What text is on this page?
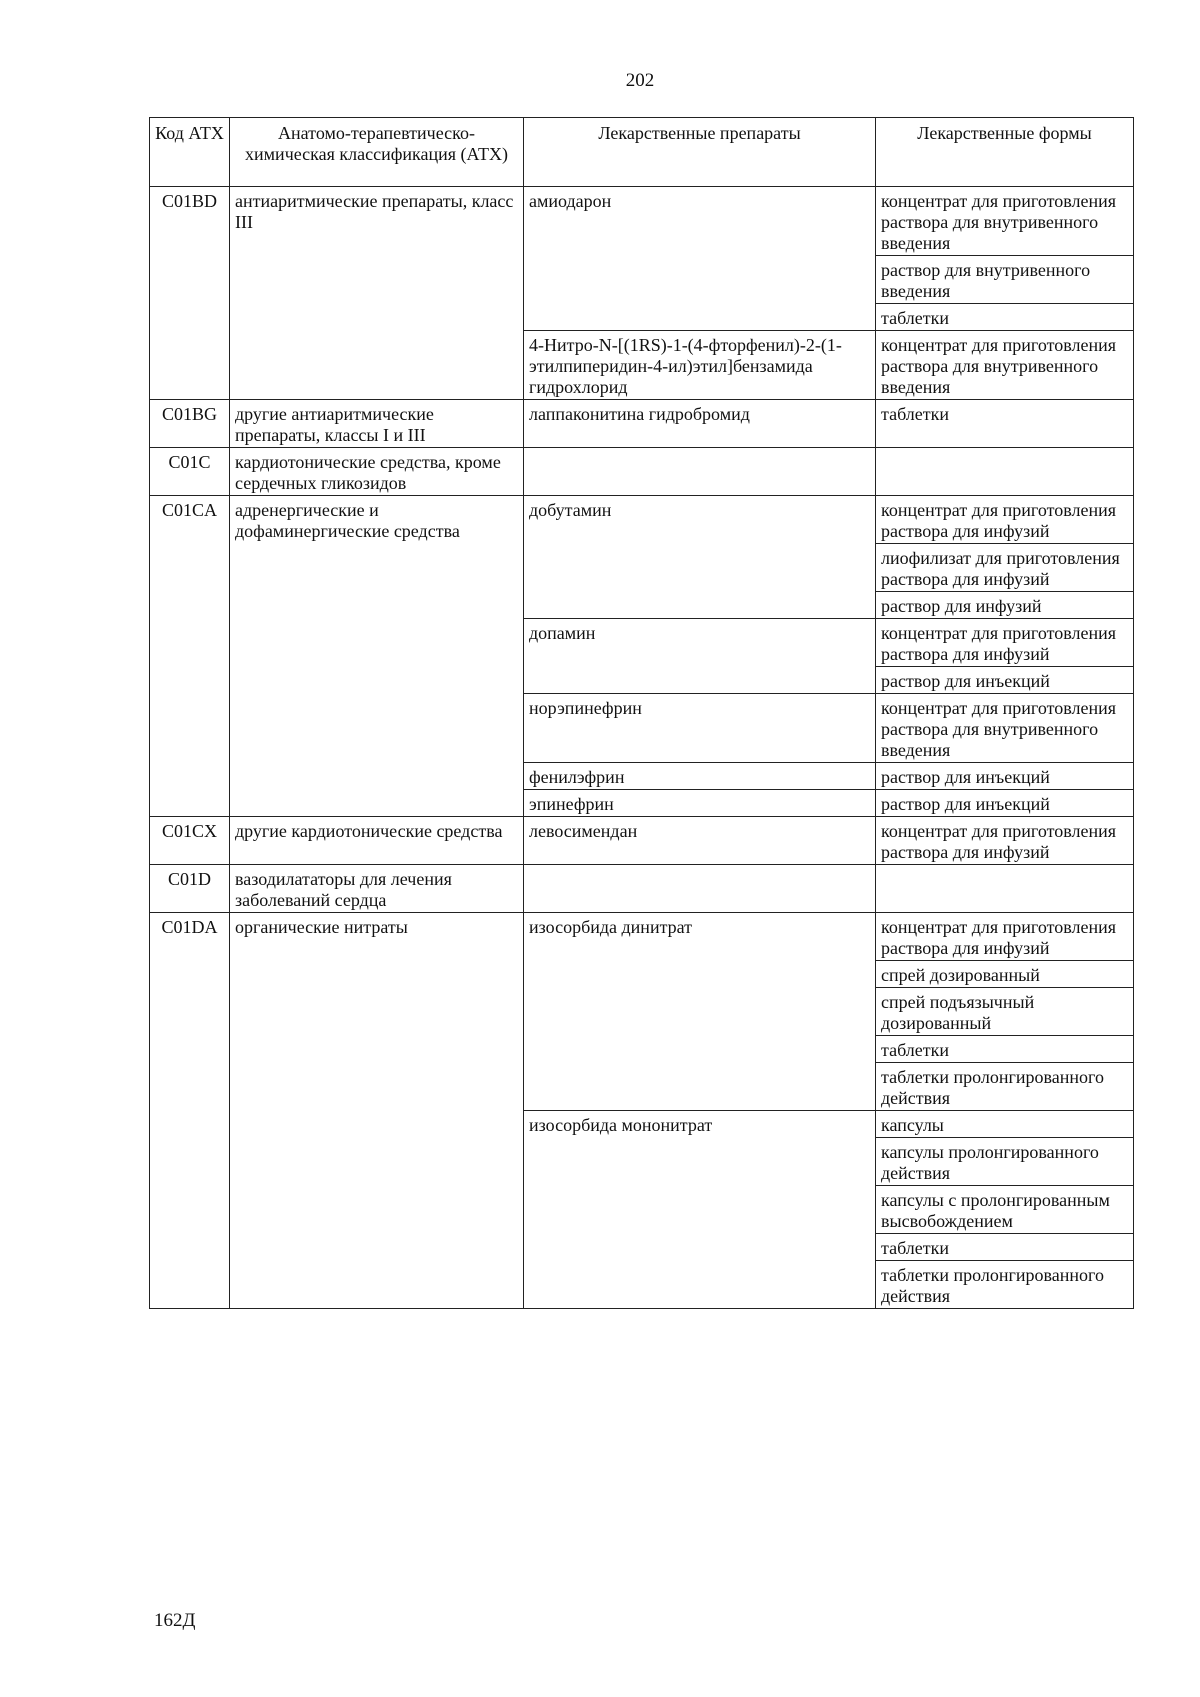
202
Код АТХ	Анатомо-терапевтическо-химическая классификация (АТХ)	Лекарственные препараты	Лекарственные формы
C01BD	антиаритмические препараты, класс III	амиодарон	концентрат для приготовления раствора для внутривенного введения
			раствор для внутривенного введения
			таблетки
		4-Нитро-N-[(1RS)-1-(4-фторфенил)-2-(1-этилпиперидин-4-ил)этил]бензамида гидрохлорид	концентрат для приготовления раствора для внутривенного введения
C01BG	другие антиаритмические препараты, классы I и III	лаппаконитина гидробромид	таблетки
C01C	кардиотонические средства, кроме сердечных гликозидов		
C01CA	адренергические и дофаминергические средства	добутамин	концентрат для приготовления раствора для инфузий
			лиофилизат для приготовления раствора для инфузий
			раствор для инфузий
		допамин	концентрат для приготовления раствора для инфузий
			раствор для инъекций
		норэпинефрин	концентрат для приготовления раствора для внутривенного введения
		фенилэфрин	раствор для инъекций
		эпинефрин	раствор для инъекций
C01CX	другие кардиотонические средства	левосимендан	концентрат для приготовления раствора для инфузий
C01D	вазодилататоры для лечения заболеваний сердца		
C01DA	органические нитраты	изосорбида динитрат	концентрат для приготовления раствора для инфузий
			спрей дозированный
			спрей подъязычный дозированный
			таблетки
			таблетки пролонгированного действия
		изосорбида мононитрат	капсулы
			капсулы пролонгированного действия
			капсулы с пролонгированным высвобождением
			таблетки
			таблетки пролонгированного действия
162Д
